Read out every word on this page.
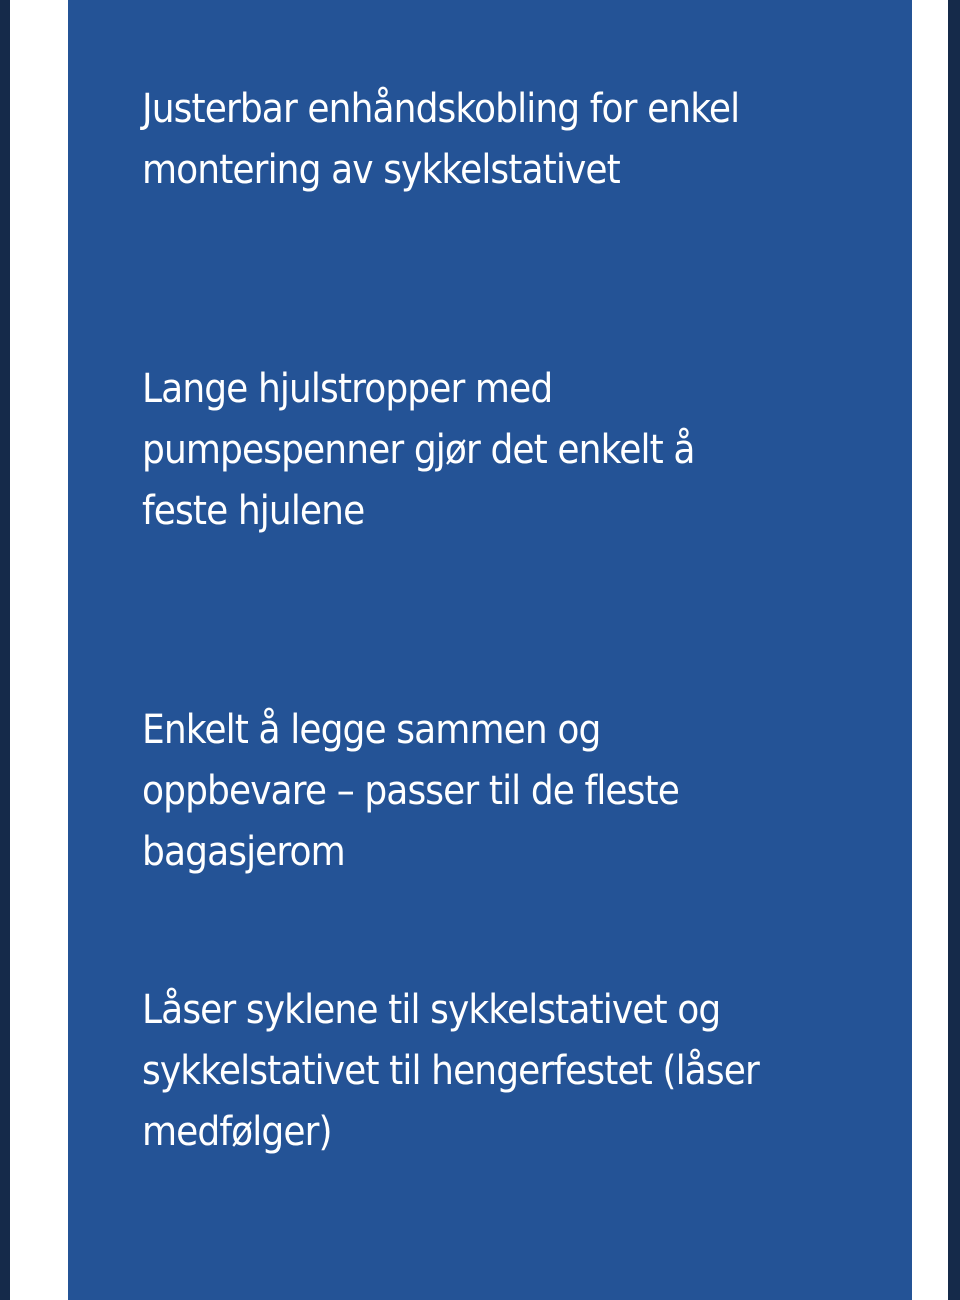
Justerbar enhåndskobling for enkel montering av sykkelstativet

Lange hjulstropper med pumpespenner gjør det enkelt å feste hjulene

Enkelt å legge sammen og oppbevare – passer til de fleste bagasjerom

Låser syklene til sykkelstativet og sykkelstativet til hengerfestet (låser medfølger)
